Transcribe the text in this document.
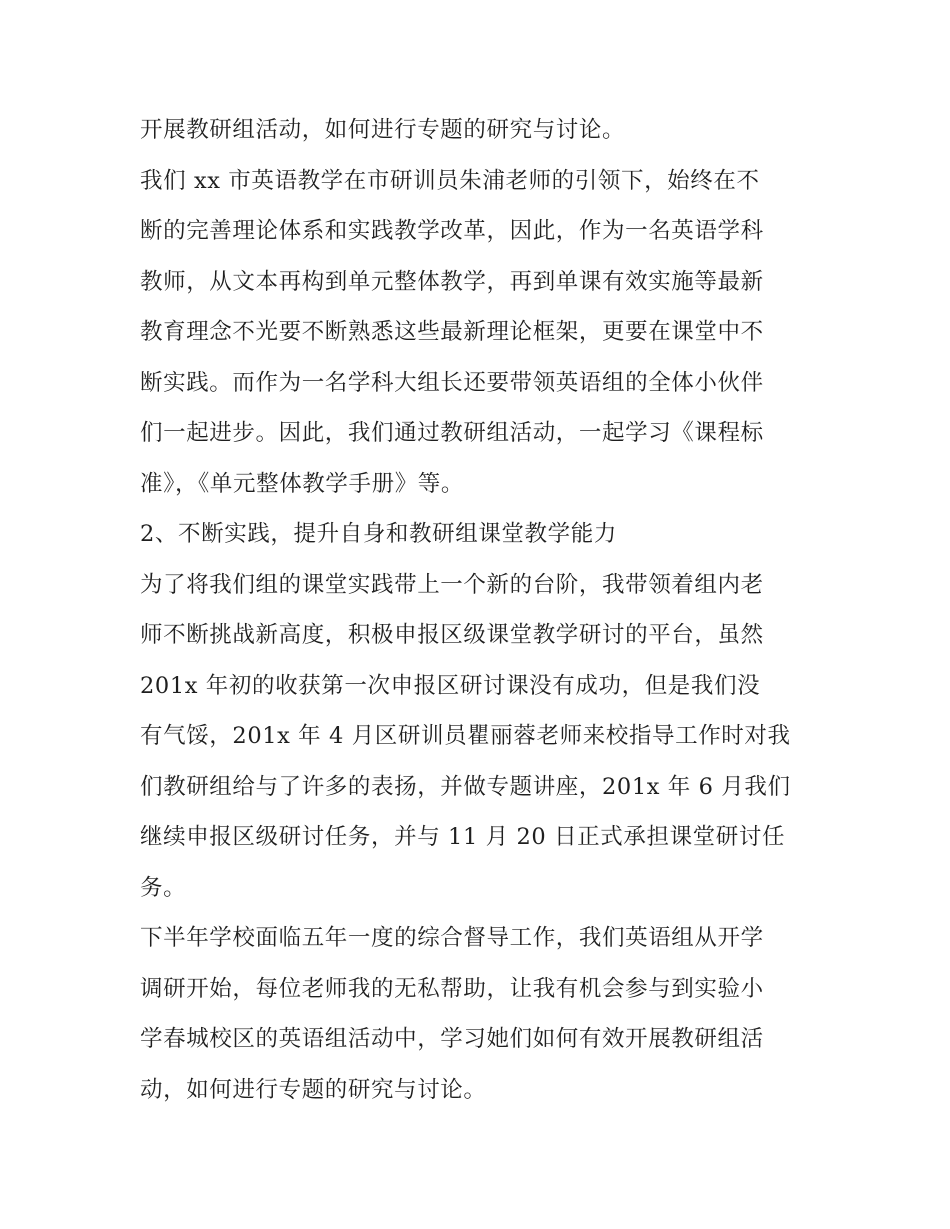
开展教研组活动，如何进行专题的研究与讨论。
我们 xx 市英语教学在市研训员朱浦老师的引领下，始终在不
断的完善理论体系和实践教学改革，因此，作为一名英语学科
教师，从文本再构到单元整体教学，再到单课有效实施等最新
教育理念不光要不断熟悉这些最新理论框架，更要在课堂中不
断实践。而作为一名学科大组长还要带领英语组的全体小伙伴
们一起进步。因此，我们通过教研组活动，一起学习《课程标
准》，《单元整体教学手册》等。
2、不断实践，提升自身和教研组课堂教学能力
为了将我们组的课堂实践带上一个新的台阶，我带领着组内老
师不断挑战新高度，积极申报区级课堂教学研讨的平台，虽然
201x 年初的收获第一次申报区研讨课没有成功，但是我们没
有气馁，201x 年 4 月区研训员瞿丽蓉老师来校指导工作时对我
们教研组给与了许多的表扬，并做专题讲座，201x 年 6 月我们
继续申报区级研讨任务，并与 11 月 20 日正式承担课堂研讨任
务。
下半年学校面临五年一度的综合督导工作，我们英语组从开学
调研开始，每位老师我的无私帮助，让我有机会参与到实验小
学春城校区的英语组活动中，学习她们如何有效开展教研组活
动，如何进行专题的研究与讨论。
